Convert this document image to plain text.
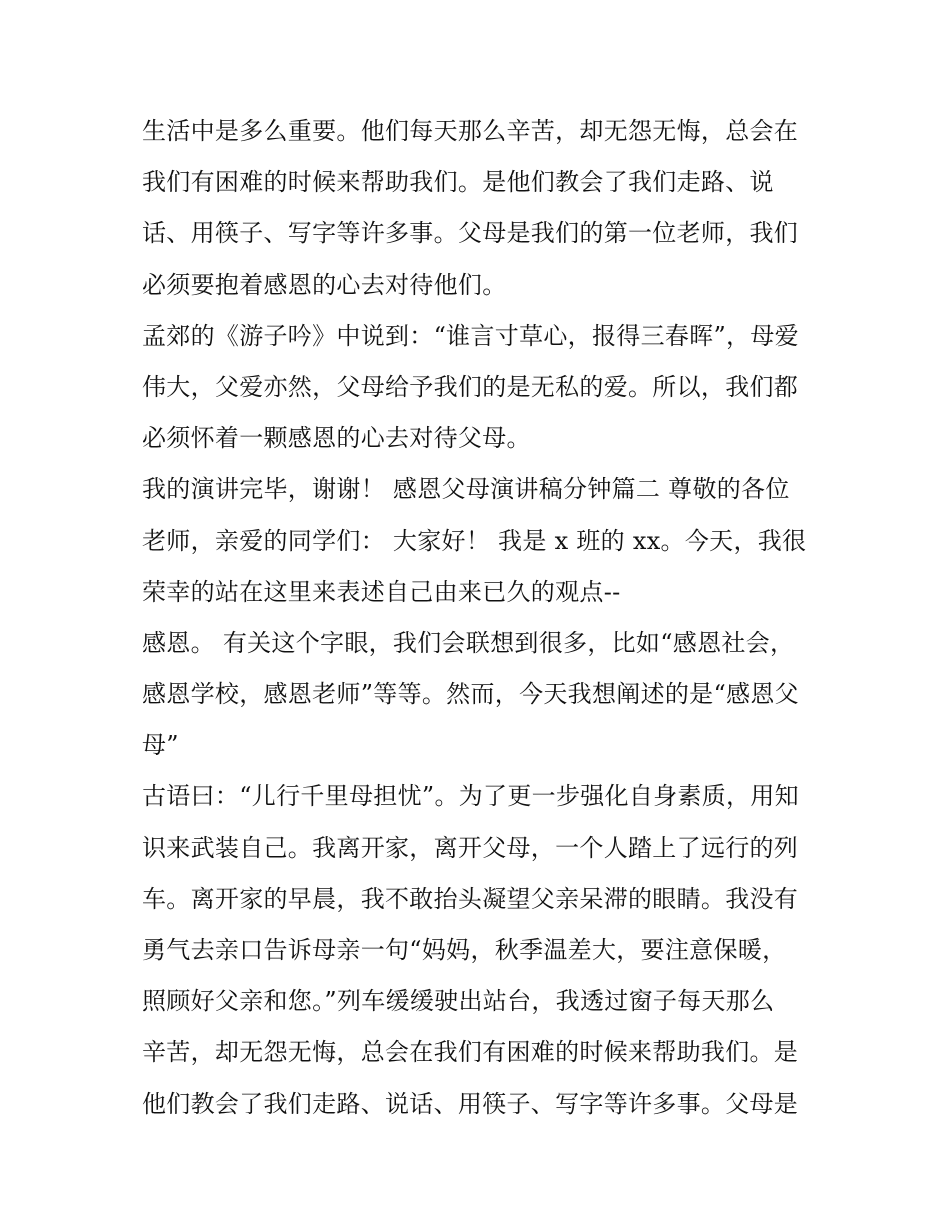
生活中是多么重要。他们每天那么辛苦，却无怨无悔，总会在
我们有困难的时候来帮助我们。是他们教会了我们走路、说
话、用筷子、写字等许多事。父母是我们的第一位老师，我们
必须要抱着感恩的心去对待他们。
孟郊的《游子吟》中说到：“谁言寸草心，报得三春晖”，母爱
伟大，父爱亦然，父母给予我们的是无私的爱。所以，我们都
必须怀着一颗感恩的心去对待父母。
我的演讲完毕，谢谢！ 感恩父母演讲稿分钟篇二 尊敬的各位
老师，亲爱的同学们： 大家好！ 我是 x 班的 xx。今天，我很
荣幸的站在这里来表述自己由来已久的观点--
感恩。 有关这个字眼，我们会联想到很多，比如“感恩社会，
感恩学校，感恩老师”等等。然而，今天我想阐述的是“感恩父
母”
古语曰：“儿行千里母担忧”。为了更一步强化自身素质，用知
识来武装自己。我离开家，离开父母，一个人踏上了远行的列
车。离开家的早晨，我不敢抬头凝望父亲呆滞的眼睛。我没有
勇气去亲口告诉母亲一句“妈妈，秋季温差大，要注意保暖，
照顾好父亲和您。”列车缓缓驶出站台，我透过窗子每天那么
辛苦，却无怨无悔，总会在我们有困难的时候来帮助我们。是
他们教会了我们走路、说话、用筷子、写字等许多事。父母是
